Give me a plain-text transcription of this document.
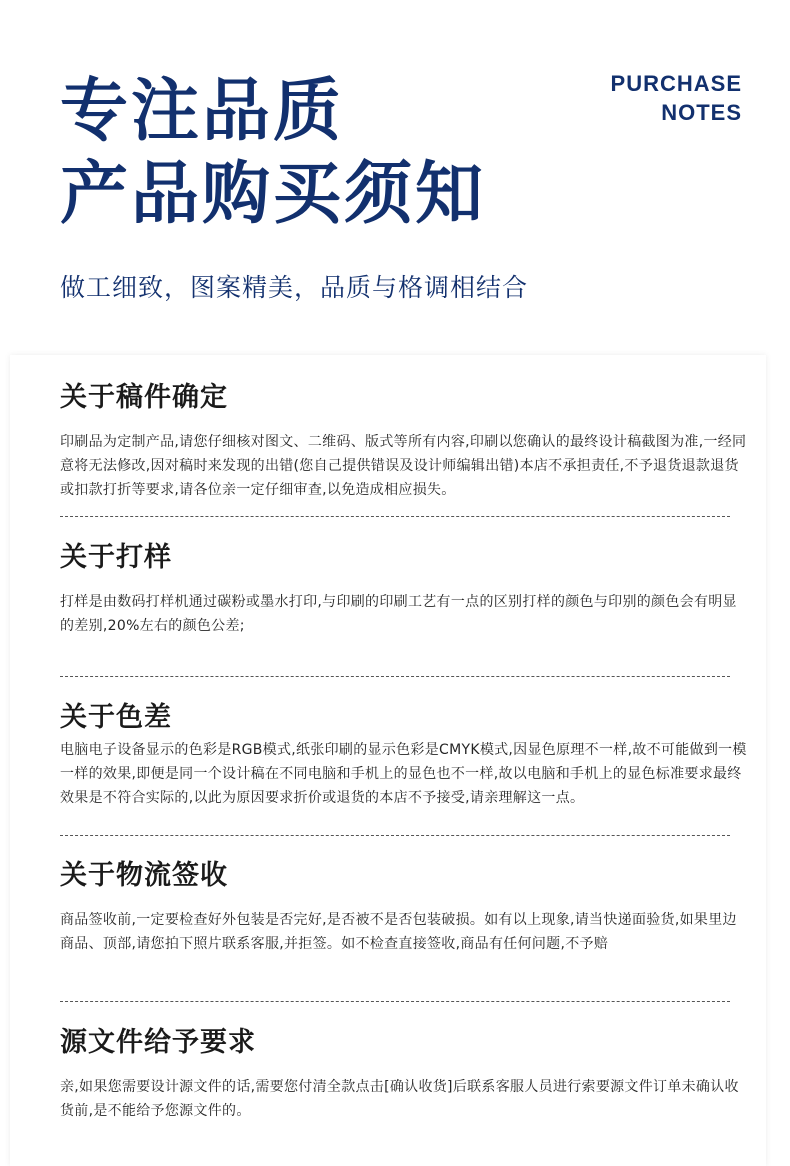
专注品质
产品购买须知
PURCHASE
NOTES
做工细致，图案精美，品质与格调相结合
关于稿件确定

印刷品为定制产品,请您仔细核对图文、二维码、版式等所有内容,印刷以您确认的最终设计稿截图为准,一经同意将无法修改,因对稿时来发现的出错(您自己提供错误及设计师编辑出错)本店不承担责任,不予退货退款退货或扣款打折等要求,请各位亲一定仔细审查,以免造成相应损失。

关于打样

打样是由数码打样机通过碳粉或墨水打印,与印刷的印刷工艺有一点的区别打样的颜色与印别的颜色会有明显的差别,20%左右的颜色公差;

关于色差

电脑电子设备显示的色彩是RGB模式,纸张印刷的显示色彩是CMYK模式,因显色原理不一样,故不可能做到一模一样的效果,即便是同一个设计稿在不同电脑和手机上的显色也不一样,故以电脑和手机上的显色标准要求最终效果是不符合实际的,以此为原因要求折价或退货的本店不予接受,请亲理解这一点。

关于物流签收

商品签收前,一定要检查好外包装是否完好,是否被不是否包装破损。如有以上现象,请当快递面验货,如果里边商品、顶部,请您拍下照片联系客服,并拒签。如不检查直接签收,商品有任何问题,不予赔

源文件给予要求

亲,如果您需要设计源文件的话,需要您付清全款点击[确认收货]后联系客服人员进行索要源文件订单未确认收货前,是不能给予您源文件的。
